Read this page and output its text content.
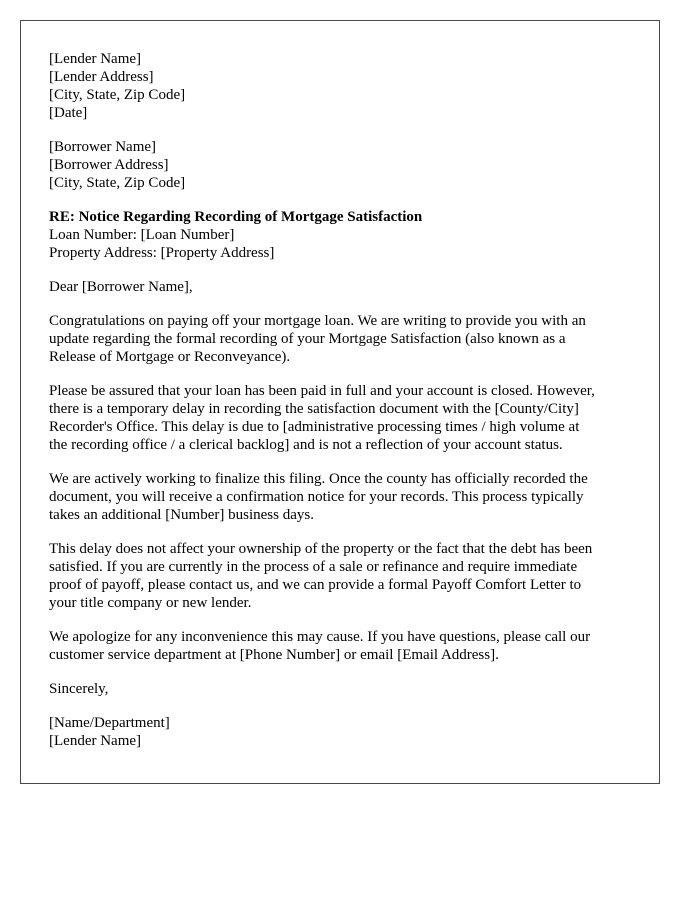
[Lender Name]
[Lender Address]
[City, State, Zip Code]
[Date]
[Borrower Name]
[Borrower Address]
[City, State, Zip Code]
RE: Notice Regarding Recording of Mortgage Satisfaction
Loan Number: [Loan Number]
Property Address: [Property Address]

Dear [Borrower Name],

Congratulations on paying off your mortgage loan. We are writing to provide you with an
update regarding the formal recording of your Mortgage Satisfaction (also known as a
Release of Mortgage or Reconveyance).

Please be assured that your loan has been paid in full and your account is closed. However,
there is a temporary delay in recording the satisfaction document with the [County/City]
Recorder's Office. This delay is due to [administrative processing times / high volume at
the recording office / a clerical backlog] and is not a reflection of your account status.

We are actively working to finalize this filing. Once the county has officially recorded the
document, you will receive a confirmation notice for your records. This process typically
takes an additional [Number] business days.

This delay does not affect your ownership of the property or the fact that the debt has been
satisfied. If you are currently in the process of a sale or refinance and require immediate
proof of payoff, please contact us, and we can provide a formal Payoff Comfort Letter to
your title company or new lender.

We apologize for any inconvenience this may cause. If you have questions, please call our
customer service department at [Phone Number] or email [Email Address].

Sincerely,

[Name/Department]
[Lender Name]
